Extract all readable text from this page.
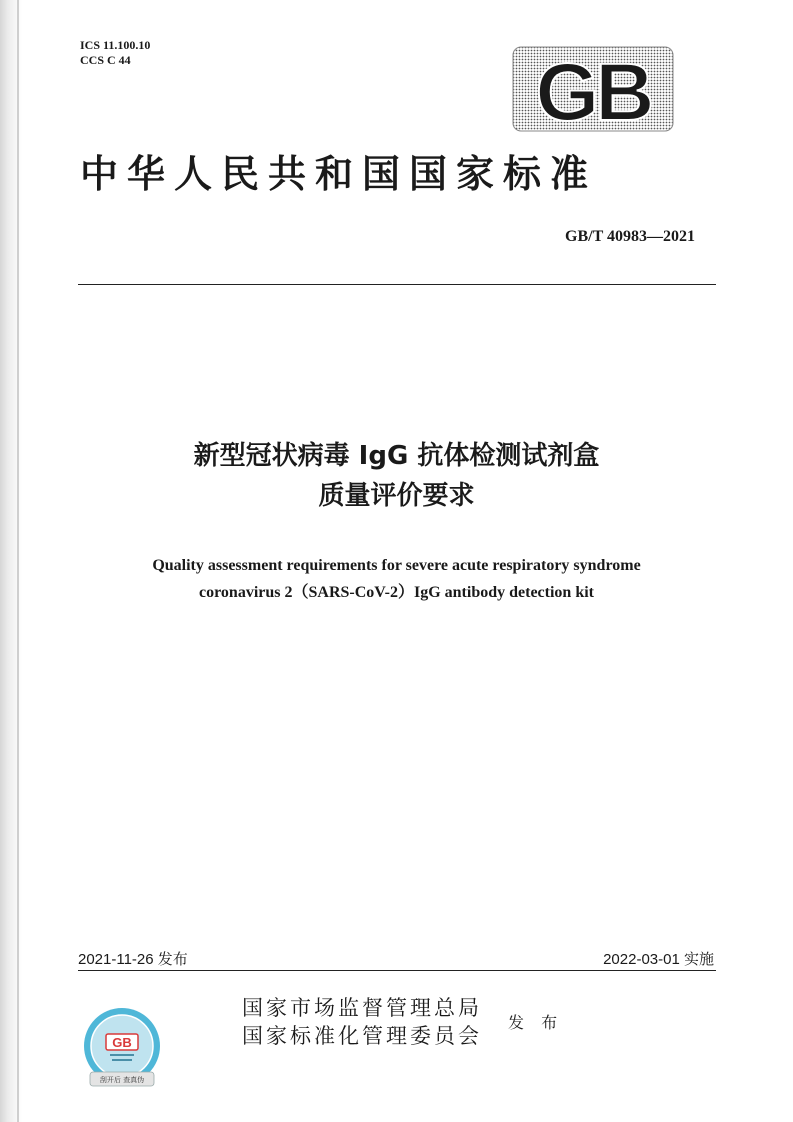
ICS 11.100.10
CCS C 44	GB
中华人民共和国国家标准
GB/T 40983—2021
新型冠状病毒 IgG 抗体检测试剂盒
质量评价要求
Quality assessment requirements for severe acute respiratory syndrome
coronavirus 2（SARS-CoV-2）IgG antibody detection kit
2021-11-26 发布	2022-03-01 实施
国家市场监督管理总局
国家标准化管理委员会
发 布
GB
刮开后 查真伪
